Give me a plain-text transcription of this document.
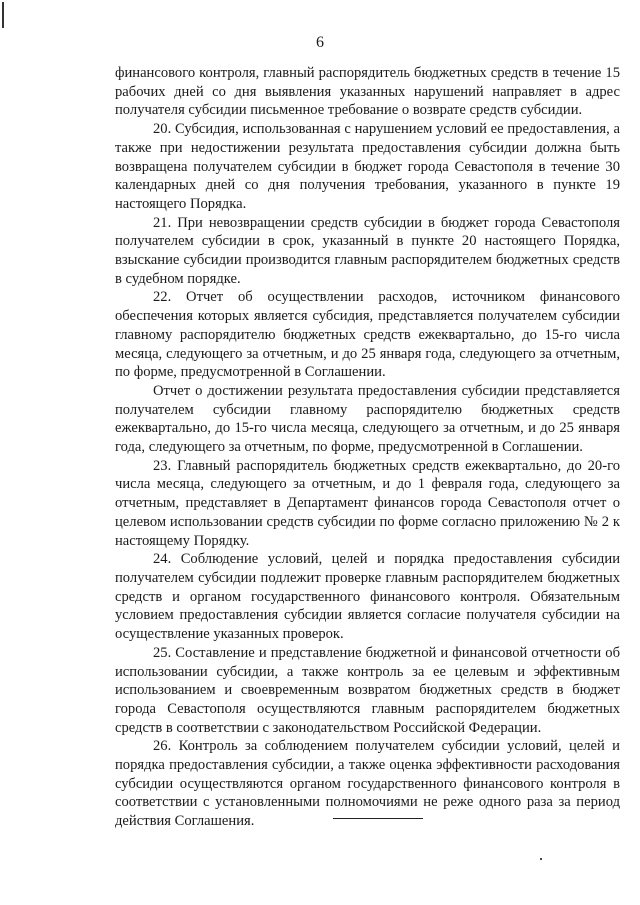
6

финансового контроля, главный распорядитель бюджетных средств в течение 15 рабочих дней со дня выявления указанных нарушений направляет в адрес получателя субсидии письменное требование о возврате средств субсидии.

20. Субсидия, использованная с нарушением условий ее предоставления, а также при недостижении результата предоставления субсидии должна быть возвращена получателем субсидии в бюджет города Севастополя в течение 30 календарных дней со дня получения требования, указанного в пункте 19 настоящего Порядка.

21. При невозвращении средств субсидии в бюджет города Севастополя получателем субсидии в срок, указанный в пункте 20 настоящего Порядка, взыскание субсидии производится главным распорядителем бюджетных средств в судебном порядке.

22. Отчет об осуществлении расходов, источником финансового обеспечения которых является субсидия, представляется получателем субсидии главному распорядителю бюджетных средств ежеквартально, до 15-го числа месяца, следующего за отчетным, и до 25 января года, следующего за отчетным, по форме, предусмотренной в Соглашении.

Отчет о достижении результата предоставления субсидии представляется получателем субсидии главному распорядителю бюджетных средств ежеквартально, до 15-го числа месяца, следующего за отчетным, и до 25 января года, следующего за отчетным, по форме, предусмотренной в Соглашении.

23. Главный распорядитель бюджетных средств ежеквартально, до 20-го числа месяца, следующего за отчетным, и до 1 февраля года, следующего за отчетным, представляет в Департамент финансов города Севастополя отчет о целевом использовании средств субсидии по форме согласно приложению № 2 к настоящему Порядку.

24. Соблюдение условий, целей и порядка предоставления субсидии получателем субсидии подлежит проверке главным распорядителем бюджетных средств и органом государственного финансового контроля. Обязательным условием предоставления субсидии является согласие получателя субсидии на осуществление указанных проверок.

25. Составление и представление бюджетной и финансовой отчетности об использовании субсидии, а также контроль за ее целевым и эффективным использованием и своевременным возвратом бюджетных средств в бюджет города Севастополя осуществляются главным распорядителем бюджетных средств в соответствии с законодательством Российской Федерации.

26. Контроль за соблюдением получателем субсидии условий, целей и порядка предоставления субсидии, а также оценка эффективности расходования субсидии осуществляются органом государственного финансового контроля в соответствии с установленными полномочиями не реже одного раза за период действия Соглашения.
